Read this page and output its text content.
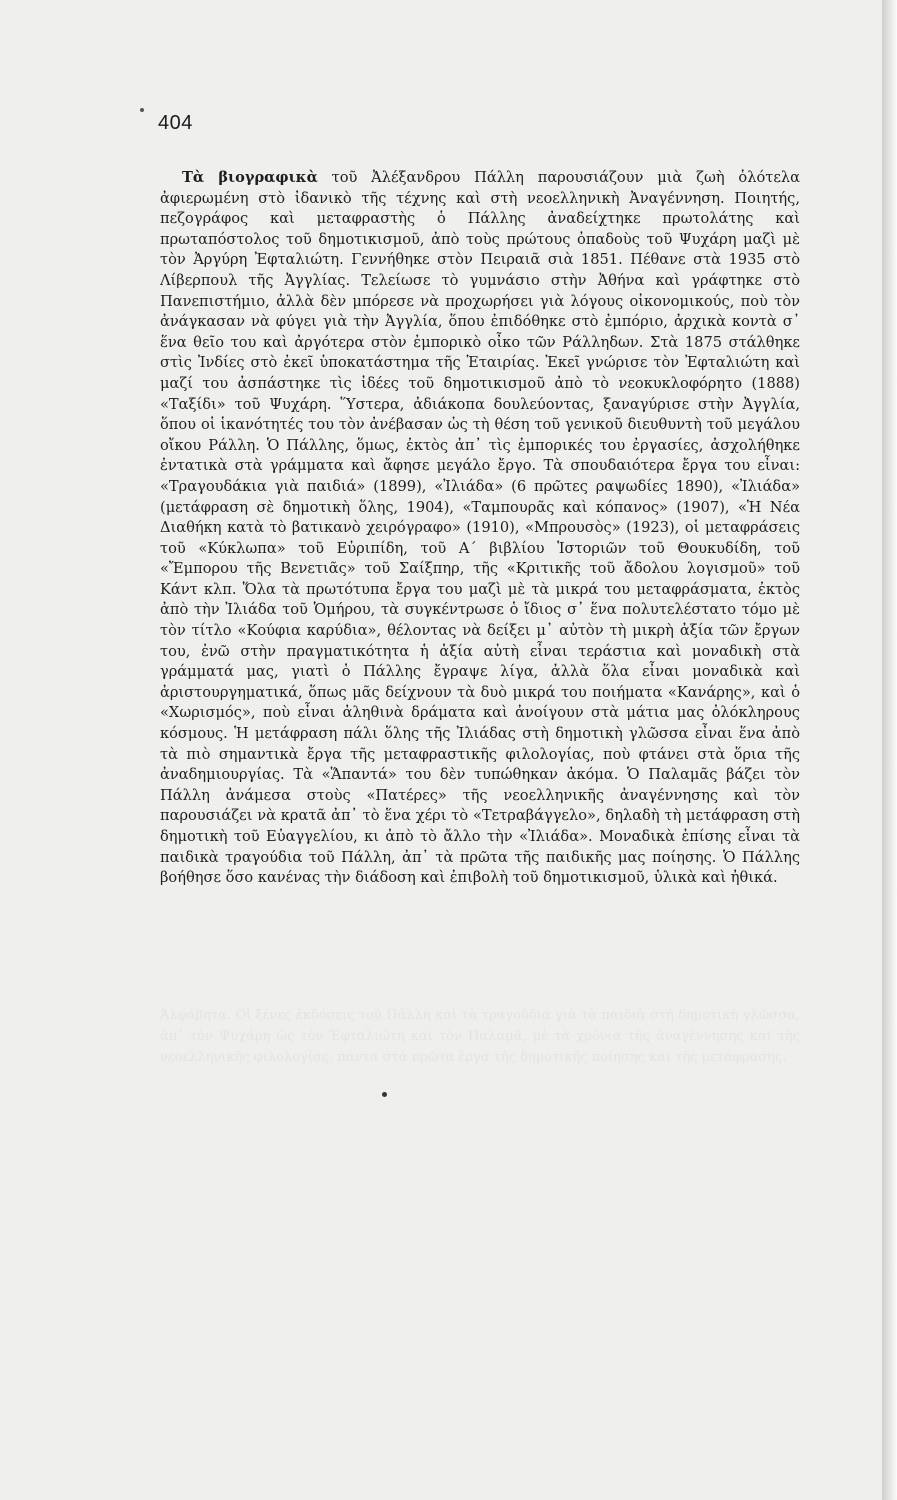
404

Τὰ βιογραφικὰ τοῦ Ἀλέξανδρου Πάλλη παρουσιάζουν μιὰ ζωὴ ὁλότελα ἀφιερωμένη στὸ ἰδανικὸ τῆς τέχνης καὶ στὴ νεοελληνικὴ Ἀναγέννηση. Ποιητής, πεζογράφος καὶ μεταφραστὴς ὁ Πάλλης ἀναδείχτηκε πρωτολάτης καὶ πρωταπόστολος τοῦ δημοτικισμοῦ, ἀπὸ τοὺς πρώτους ὀπαδοὺς τοῦ Ψυχάρη μαζὶ μὲ τὸν Ἀργύρη Ἐφταλιώτη. Γεννήθηκε στὸν Πειραιᾶ σιὰ 1851. Πέθανε στὰ 1935 στὸ Λίβερπουλ τῆς Ἀγγλίας. Τελείωσε τὸ γυμνάσιο στὴν Ἀθήνα καὶ γράφτηκε στὸ Πανεπιστήμιο, ἀλλὰ δὲν μπόρεσε νὰ προχωρήσει γιὰ λόγους οἰκονομικούς, ποὺ τὸν ἀνάγκασαν νὰ φύγει γιὰ τὴν Ἀγγλία, ὅπου ἐπιδόθηκε στὸ ἐμπόριο, ἀρχικὰ κοντὰ σ᾽ ἕνα θεῖο του καὶ ἀργότερα στὸν ἐμπορικὸ οἶκο τῶν Ράλληδων. Στὰ 1875 στάλθηκε στὶς Ἰνδίες στὸ ἐκεῖ ὑποκατάστημα τῆς Ἑταιρίας. Ἐκεῖ γνώρισε τὸν Ἐφταλιώτη καὶ μαζί του ἀσπάστηκε τὶς ἰδέες τοῦ δημοτικισμοῦ ἀπὸ τὸ νεοκυκλοφόρητο (1888) «Ταξίδι» τοῦ Ψυχάρη. Ὕστερα, ἀδιάκοπα δουλεύοντας, ξαναγύρισε στὴν Ἀγγλία, ὅπου οἱ ἱκανότητές του τὸν ἀνέβασαν ὡς τὴ θέση τοῦ γενικοῦ διευθυντὴ τοῦ μεγάλου οἴκου Ράλλη. Ὁ Πάλλης, ὅμως, ἐκτὸς ἀπ᾽ τὶς ἐμπορικές του ἐργασίες, ἀσχολήθηκε ἐντατικὰ στὰ γράμματα καὶ ἄφησε μεγάλο ἔργο. Τὰ σπουδαιότερα ἔργα του εἶναι: «Τραγουδάκια γιὰ παιδιά» (1899), «Ἰλιάδα» (6 πρῶτες ραψωδίες 1890), «Ἰλιάδα» (μετάφραση σὲ δημοτικὴ ὅλης, 1904), «Ταμπουρᾶς καὶ κόπανος» (1907), «Ἡ Νέα Διαθήκη κατὰ τὸ βατικανὸ χειρόγραφο» (1910), «Μπρουσὸς» (1923), οἱ μεταφράσεις τοῦ «Κύκλωπα» τοῦ Εὐριπίδη, τοῦ Α΄ βιβλίου Ἱστοριῶν τοῦ Θουκυδίδη, τοῦ «Ἔμπορου τῆς Βενετιᾶς» τοῦ Σαίξπηρ, τῆς «Κριτικῆς τοῦ ἄδολου λογισμοῦ» τοῦ Κάντ κλπ. Ὅλα τὰ πρωτότυπα ἔργα του μαζὶ μὲ τὰ μικρά του μεταφράσματα, ἐκτὸς ἀπὸ τὴν Ἰλιάδα τοῦ Ὁμήρου, τὰ συγκέντρωσε ὁ ἴδιος σ᾽ ἕνα πολυτελέστατο τόμο μὲ τὸν τίτλο «Κούφια καρύδια», θέλοντας νὰ δείξει μ᾽ αὐτὸν τὴ μικρὴ ἀξία τῶν ἔργων του, ἐνῶ στὴν πραγματικότητα ἡ ἀξία αὐτὴ εἶναι τεράστια καὶ μοναδικὴ στὰ γράμματά μας, γιατὶ ὁ Πάλλης ἔγραψε λίγα, ἀλλὰ ὅλα εἶναι μοναδικὰ καὶ ἀριστουργηματικά, ὅπως μᾶς δείχνουν τὰ δυὸ μικρά του ποιήματα «Κανάρης», καὶ ὁ «Χωρισμός», ποὺ εἶναι ἀληθινὰ δράματα καὶ ἀνοίγουν στὰ μάτια μας ὁλόκληρους κόσμους. Ἡ μετάφραση πάλι ὅλης τῆς Ἰλιάδας στὴ δημοτικὴ γλῶσσα εἶναι ἕνα ἀπὸ τὰ πιὸ σημαντικὰ ἔργα τῆς μεταφραστικῆς φιλολογίας, ποὺ φτάνει στὰ ὅρια τῆς ἀναδημιουργίας. Τὰ «Ἅπαντά» του δὲν τυπώθηκαν ἀκόμα. Ὁ Παλαμᾶς βάζει τὸν Πάλλη ἀνάμεσα στοὺς «Πατέρες» τῆς νεοελληνικῆς ἀναγέννησης καὶ τὸν παρουσιάζει νὰ κρατᾶ ἀπ᾽ τὸ ἕνα χέρι τὸ «Τετραβάγγελο», δηλαδὴ τὴ μετάφραση στὴ δημοτικὴ τοῦ Εὐαγγελίου, κι ἀπὸ τὸ ἄλλο τὴν «Ἰλιάδα». Μοναδικὰ ἐπίσης εἶναι τὰ παιδικὰ τραγούδια τοῦ Πάλλη, ἀπ᾽ τὰ πρῶτα τῆς παιδικῆς μας ποίησης. Ὁ Πάλλης βοήθησε ὅσο κανένας τὴν διάδοση καὶ ἐπιβολὴ τοῦ δημοτικισμοῦ, ὑλικὰ καὶ ἠθικά.

Ἀλφάβητα. Οἱ ξένες ἐκδόσεις τοῦ Πάλλη καὶ τὰ τραγούδια γιὰ τὰ παιδιὰ στὴ δημοτικὴ γλῶσσα, ἀπ᾽ τὸν Ψυχάρη ὡς τὸν Ἐφταλιώτη καὶ τὸν Παλαμᾶ, μὲ τὰ χρόνια τῆς ἀναγέννησης καὶ τῆς νεοελληνικῆς φιλολογίας, πάντα στὰ πρῶτα ἔργα τῆς δημοτικῆς ποίησης καὶ τῆς μετάφρασης.
